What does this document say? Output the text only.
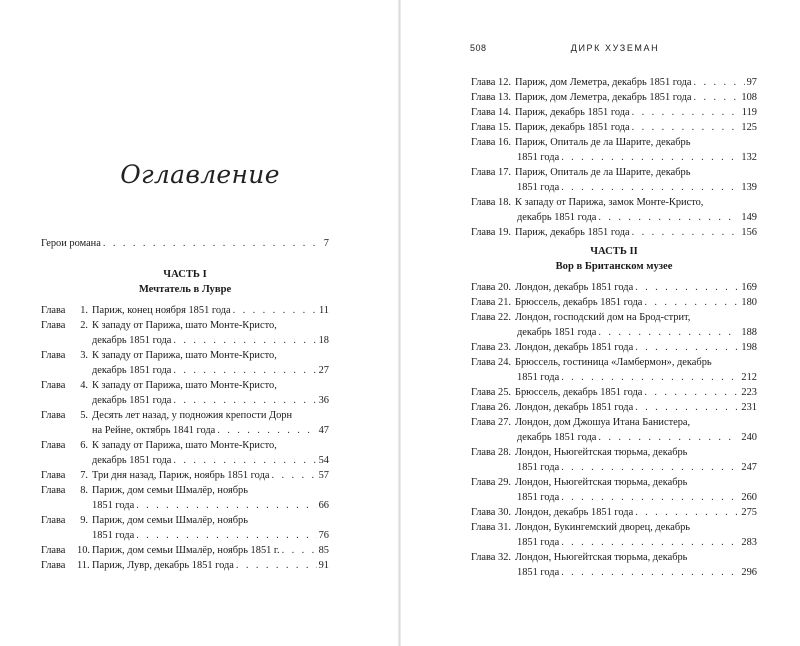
Оглавление
Герои романа . . .	7
ЧАСТЬ I
Мечтатель в Лувре
Глава	1. Париж, конец ноября 1851 года . . .	11
Глава	2. К западу от Парижа, шато Монте-Кристо,
декабрь 1851 года . . .	18
Глава	3. К западу от Парижа, шато Монте-Кристо,
декабрь 1851 года . . .	27
Глава	4. К западу от Парижа, шато Монте-Кристо,
декабрь 1851 года . . .	36
Глава	5. Десять лет назад, у подножия крепости Дорн
на Рейне, октябрь 1841 года . . .	47
Глава	6. К западу от Парижа, шато Монте-Кристо,
декабрь 1851 года . . .	54
Глава	7. Три дня назад, Париж, ноябрь 1851 года . . .	57
Глава	8. Париж, дом семьи Шмалёр, ноябрь
1851 года . . .	66
Глава	9. Париж, дом семьи Шмалёр, ноябрь
1851 года . . .	76
Глава	10. Париж, дом семьи Шмалёр, ноябрь 1851 г. . . .	85
Глава	11. Париж, Лувр, декабрь 1851 года . . .	91
508	ДИРК ХУЗЕМАН
Глава 12. Париж, дом Леметра, декабрь 1851 года . . .	97
Глава 13. Париж, дом Леметра, декабрь 1851 года . . .	108
Глава 14. Париж, декабрь 1851 года . . .	119
Глава 15. Париж, декабрь 1851 года . . .	125
Глава 16. Париж, Опиталь де ла Шарите, декабрь
1851 года . . .	132
Глава 17. Париж, Опиталь де ла Шарите, декабрь
1851 года . . .	139
Глава 18. К западу от Парижа, замок Монте-Кристо,
декабрь 1851 года . . .	149
Глава 19. Париж, декабрь 1851 года . . .	156
ЧАСТЬ II
Вор в Британском музее
Глава 20. Лондон, декабрь 1851 года . . .	169
Глава 21. Брюссель, декабрь 1851 года . . .	180
Глава 22. Лондон, господский дом на Брод-стрит,
декабрь 1851 года . . .	188
Глава 23. Лондон, декабрь 1851 года . . .	198
Глава 24. Брюссель, гостиница «Ламбермон», декабрь
1851 года . . .	212
Глава 25. Брюссель, декабрь 1851 года . . .	223
Глава 26. Лондон, декабрь 1851 года . . .	231
Глава 27. Лондон, дом Джошуа Итана Банистера,
декабрь 1851 года . . .	240
Глава 28. Лондон, Ньюгейтская тюрьма, декабрь
1851 года . . .	247
Глава 29. Лондон, Ньюгейтская тюрьма, декабрь
1851 года . . .	260
Глава 30. Лондон, декабрь 1851 года . . .	275
Глава 31. Лондон, Букингемский дворец, декабрь
1851 года . . .	283
Глава 32. Лондон, Ньюгейтская тюрьма, декабрь
1851 года . . .	296
